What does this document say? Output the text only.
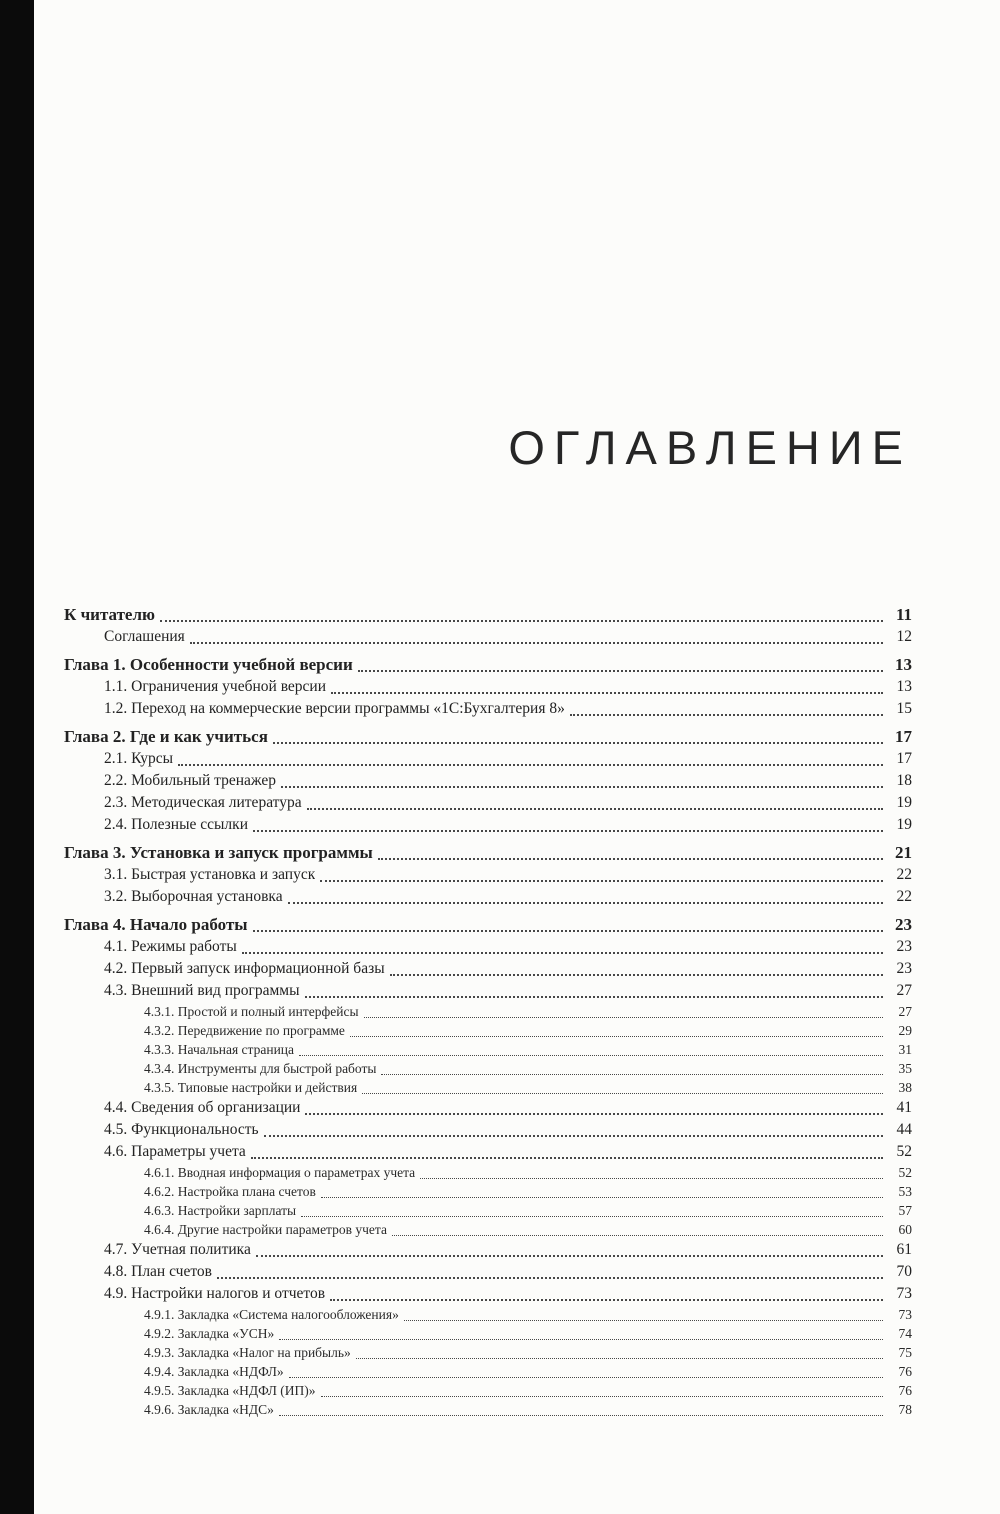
ОГЛАВЛЕНИЕ
К читателю	11
Соглашения	12
Глава 1. Особенности учебной версии	13
1.1. Ограничения учебной версии	13
1.2. Переход на коммерческие версии программы «1С:Бухгалтерия 8»	15
Глава 2. Где и как учиться	17
2.1. Курсы	17
2.2. Мобильный тренажер	18
2.3. Методическая литература	19
2.4. Полезные ссылки	19
Глава 3. Установка и запуск программы	21
3.1. Быстрая установка и запуск	22
3.2. Выборочная установка	22
Глава 4. Начало работы	23
4.1. Режимы работы	23
4.2. Первый запуск информационной базы	23
4.3. Внешний вид программы	27
4.3.1. Простой и полный интерфейсы	27
4.3.2. Передвижение по программе	29
4.3.3. Начальная страница	31
4.3.4. Инструменты для быстрой работы	35
4.3.5. Типовые настройки и действия	38
4.4. Сведения об организации	41
4.5. Функциональность	44
4.6. Параметры учета	52
4.6.1. Вводная информация о параметрах учета	52
4.6.2. Настройка плана счетов	53
4.6.3. Настройки зарплаты	57
4.6.4. Другие настройки параметров учета	60
4.7. Учетная политика	61
4.8. План счетов	70
4.9. Настройки налогов и отчетов	73
4.9.1. Закладка «Система налогообложения»	73
4.9.2. Закладка «УСН»	74
4.9.3. Закладка «Налог на прибыль»	75
4.9.4. Закладка «НДФЛ»	76
4.9.5. Закладка «НДФЛ (ИП)»	76
4.9.6. Закладка «НДС»	78
